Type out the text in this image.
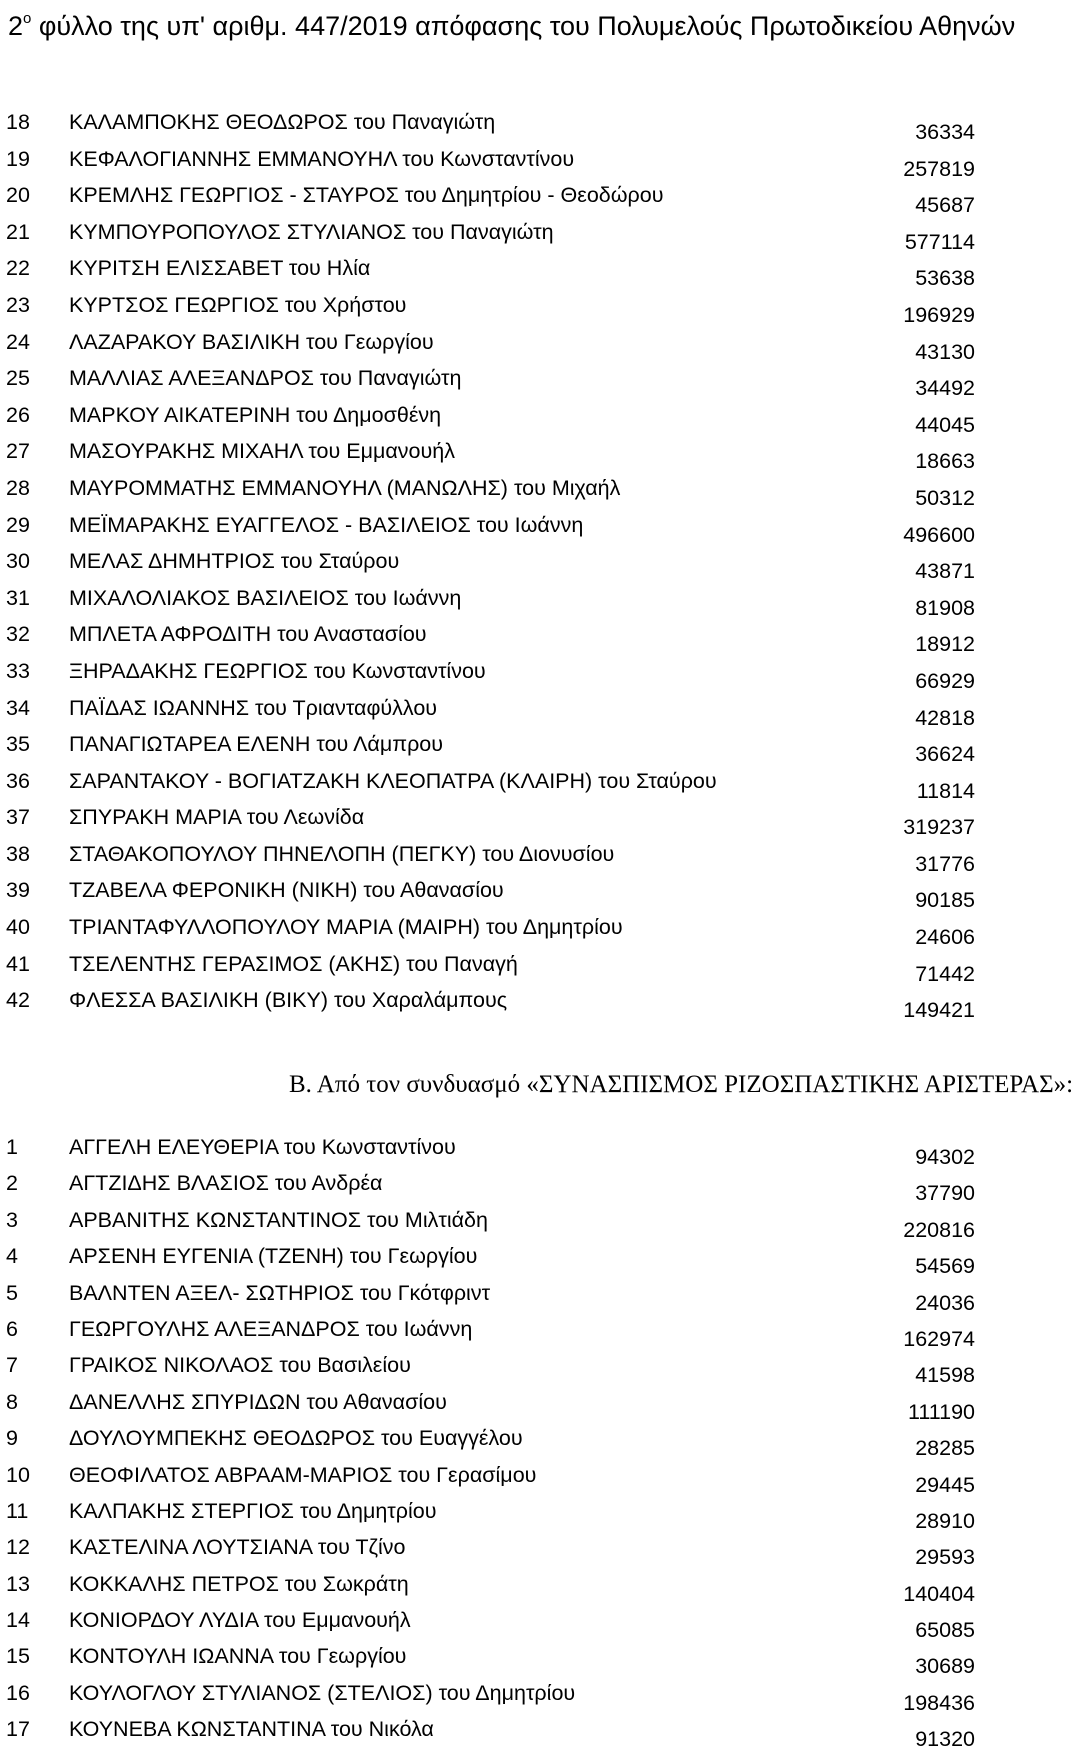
$2^o$ φύλλο της υπ' αριθμ. 447/2019 απόφασης του Πολυμελούς Πρωτοδικείου Αθηνών
18	ΚΑΛΑΜΠΟΚΗΣ ΘΕΟΔΩΡΟΣ του Παναγιώτη	36334
19	ΚΕΦΑΛΟΓΙΑΝΝΗΣ ΕΜΜΑΝΟΥΗΛ του Κωνσταντίνου	257819
20	ΚΡΕΜΛΗΣ ΓΕΩΡΓΙΟΣ - ΣΤΑΥΡΟΣ του Δημητρίου - Θεοδώρου	45687
21	ΚΥΜΠΟΥΡΟΠΟΥΛΟΣ ΣΤΥΛΙΑΝΟΣ του Παναγιώτη	577114
22	ΚΥΡΙΤΣΗ ΕΛΙΣΣΑΒΕΤ του Ηλία	53638
23	ΚΥΡΤΣΟΣ ΓΕΩΡΓΙΟΣ του Χρήστου	196929
24	ΛΑΖΑΡΑΚΟΥ ΒΑΣΙΛΙΚΗ του Γεωργίου	43130
25	ΜΑΛΛΙΑΣ ΑΛΕΞΑΝΔΡΟΣ του Παναγιώτη	34492
26	ΜΑΡΚΟΥ ΑΙΚΑΤΕΡΙΝΗ του Δημοσθένη	44045
27	ΜΑΣΟΥΡΑΚΗΣ ΜΙΧΑΗΛ του Εμμανουήλ	18663
28	ΜΑΥΡΟΜΜΑΤΗΣ ΕΜΜΑΝΟΥΗΛ (ΜΑΝΩΛΗΣ) του Μιχαήλ	50312
29	ΜΕΪΜΑΡΑΚΗΣ ΕΥΑΓΓΕΛΟΣ - ΒΑΣΙΛΕΙΟΣ του Ιωάννη	496600
30	ΜΕΛΑΣ ΔΗΜΗΤΡΙΟΣ του Σταύρου	43871
31	ΜΙΧΑΛΟΛΙΑΚΟΣ ΒΑΣΙΛΕΙΟΣ του Ιωάννη	81908
32	ΜΠΛΕΤΑ ΑΦΡΟΔΙΤΗ του Αναστασίου	18912
33	ΞΗΡΑΔΑΚΗΣ ΓΕΩΡΓΙΟΣ του Κωνσταντίνου	66929
34	ΠΑΪΔΑΣ ΙΩΑΝΝΗΣ του Τριανταφύλλου	42818
35	ΠΑΝΑΓΙΩΤΑΡΕΑ ΕΛΕΝΗ του Λάμπρου	36624
36	ΣΑΡΑΝΤΑΚΟΥ - ΒΟΓΙΑΤΖΑΚΗ ΚΛΕΟΠΑΤΡΑ (ΚΛΑΙΡΗ) του Σταύρου	11814
37	ΣΠΥΡΑΚΗ ΜΑΡΙΑ του Λεωνίδα	319237
38	ΣΤΑΘΑΚΟΠΟΥΛΟΥ ΠΗΝΕΛΟΠΗ (ΠΕΓΚΥ) του Διονυσίου	31776
39	ΤΖΑΒΕΛΑ ΦΕΡΟΝΙΚΗ (ΝΙΚΗ) του Αθανασίου	90185
40	ΤΡΙΑΝΤΑΦΥΛΛΟΠΟΥΛΟΥ ΜΑΡΙΑ (ΜΑΙΡΗ) του Δημητρίου	24606
41	ΤΣΕΛΕΝΤΗΣ ΓΕΡΑΣΙΜΟΣ (ΑΚΗΣ) του Παναγή	71442
42	ΦΛΕΣΣΑ ΒΑΣΙΛΙΚΗ (ΒΙΚΥ) του Χαραλάμπους	149421
Β. Από τον συνδυασμό «ΣΥΝΑΣΠΙΣΜΟΣ ΡΙΖΟΣΠΑΣΤΙΚΗΣ ΑΡΙΣΤΕΡΑΣ»:
1	ΑΓΓΕΛΗ ΕΛΕΥΘΕΡΙΑ του Κωνσταντίνου	94302
2	ΑΓΤΖΙΔΗΣ ΒΛΑΣΙΟΣ του Ανδρέα	37790
3	ΑΡΒΑΝΙΤΗΣ ΚΩΝΣΤΑΝΤΙΝΟΣ του Μιλτιάδη	220816
4	ΑΡΣΕΝΗ ΕΥΓΕΝΙΑ (ΤΖΕΝΗ) του Γεωργίου	54569
5	ΒΑΛΝΤΕΝ ΑΞΕΛ- ΣΩΤΗΡΙΟΣ του Γκότφριντ	24036
6	ΓΕΩΡΓΟΥΛΗΣ ΑΛΕΞΑΝΔΡΟΣ του Ιωάννη	162974
7	ΓΡΑΙΚΟΣ ΝΙΚΟΛΑΟΣ του Βασιλείου	41598
8	ΔΑΝΕΛΛΗΣ ΣΠΥΡΙΔΩΝ του Αθανασίου	111190
9	ΔΟΥΛΟΥΜΠΕΚΗΣ ΘΕΟΔΩΡΟΣ του Ευαγγέλου	28285
10	ΘΕΟΦΙΛΑΤΟΣ ΑΒΡΑΑΜ-ΜΑΡΙΟΣ του Γερασίμου	29445
11	ΚΑΛΠΑΚΗΣ ΣΤΕΡΓΙΟΣ του Δημητρίου	28910
12	ΚΑΣΤΕΛΙΝΑ ΛΟΥΤΣΙΑΝΑ του Τζίνο	29593
13	ΚΟΚΚΑΛΗΣ ΠΕΤΡΟΣ του Σωκράτη	140404
14	ΚΟΝΙΟΡΔΟΥ ΛΥΔΙΑ του Εμμανουήλ	65085
15	ΚΟΝΤΟΥΛΗ ΙΩΑΝΝΑ του Γεωργίου	30689
16	ΚΟΥΛΟΓΛΟΥ ΣΤΥΛΙΑΝΟΣ (ΣΤΕΛΙΟΣ) του Δημητρίου	198436
17	ΚΟΥΝΕΒΑ ΚΩΝΣΤΑΝΤΙΝΑ του Νικόλα	91320
